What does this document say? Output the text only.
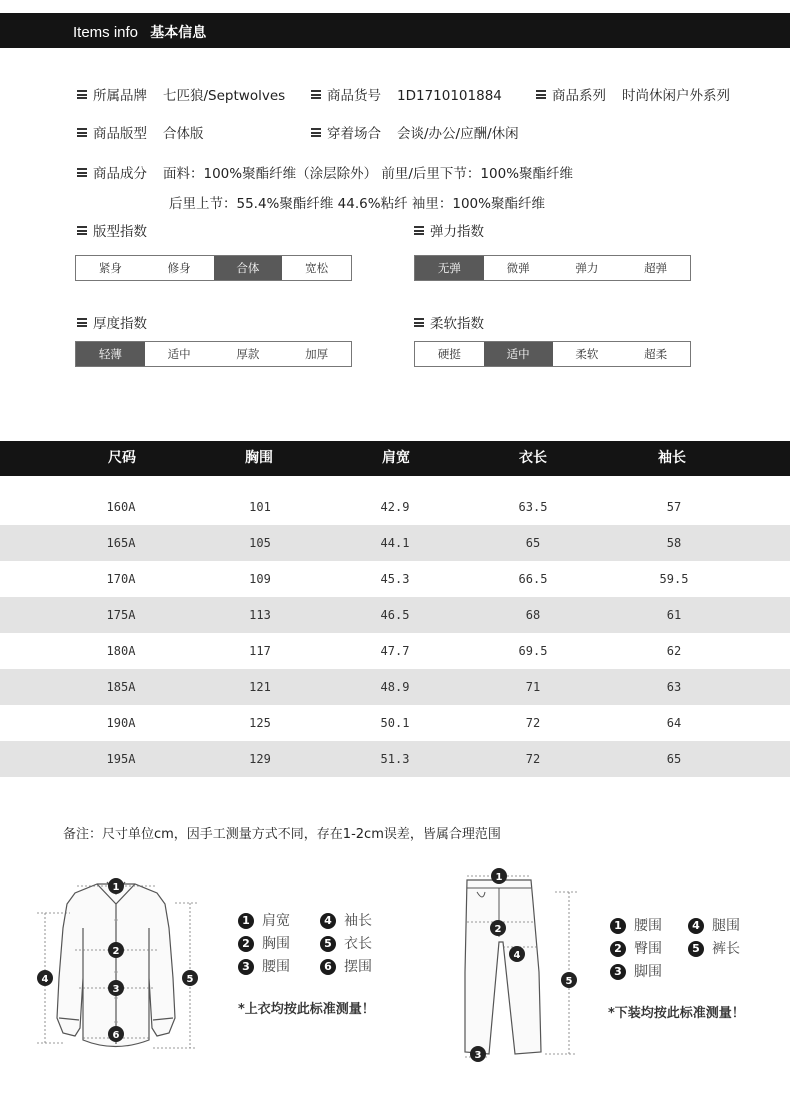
Items info 基本信息
所属品牌 七匹狼/Septwolves	商品货号 1D1710101884	商品系列 时尚休闲户外系列
商品版型 合体版	穿着场合 会谈/办公/应酬/休闲
商品成分 面料：100%聚酯纤维（涂层除外） 前里/后里下节：100%聚酯纤维
后里上节：55.4%聚酯纤维 44.6%粘纤 袖里：100%聚酯纤维
版型指数
紧身	修身	合体	宽松
弹力指数
无弹	微弹	弹力	超弹
厚度指数
轻薄	适中	厚款	加厚
柔软指数
硬挺	适中	柔软	超柔
尺码	胸围	肩宽	衣长	袖长
160A	101	42.9	63.5	57
165A	105	44.1	65	58
170A	109	45.3	66.5	59.5
175A	113	46.5	68	61
180A	117	47.7	69.5	62
185A	121	48.9	71	63
190A	125	50.1	72	64
195A	129	51.3	72	65
备注：尺寸单位cm，因手工测量方式不同，存在1-2cm误差，皆属合理范围
1
2
3
4	5
6
1 肩宽	4 袖长
2 胸围	5 衣长
3 腰围	6 摆围
*上衣均按此标准测量！
1
2
3
4
5
1 腰围	4 腿围
2 臀围	5 裤长
3 脚围
*下装均按此标准测量！
